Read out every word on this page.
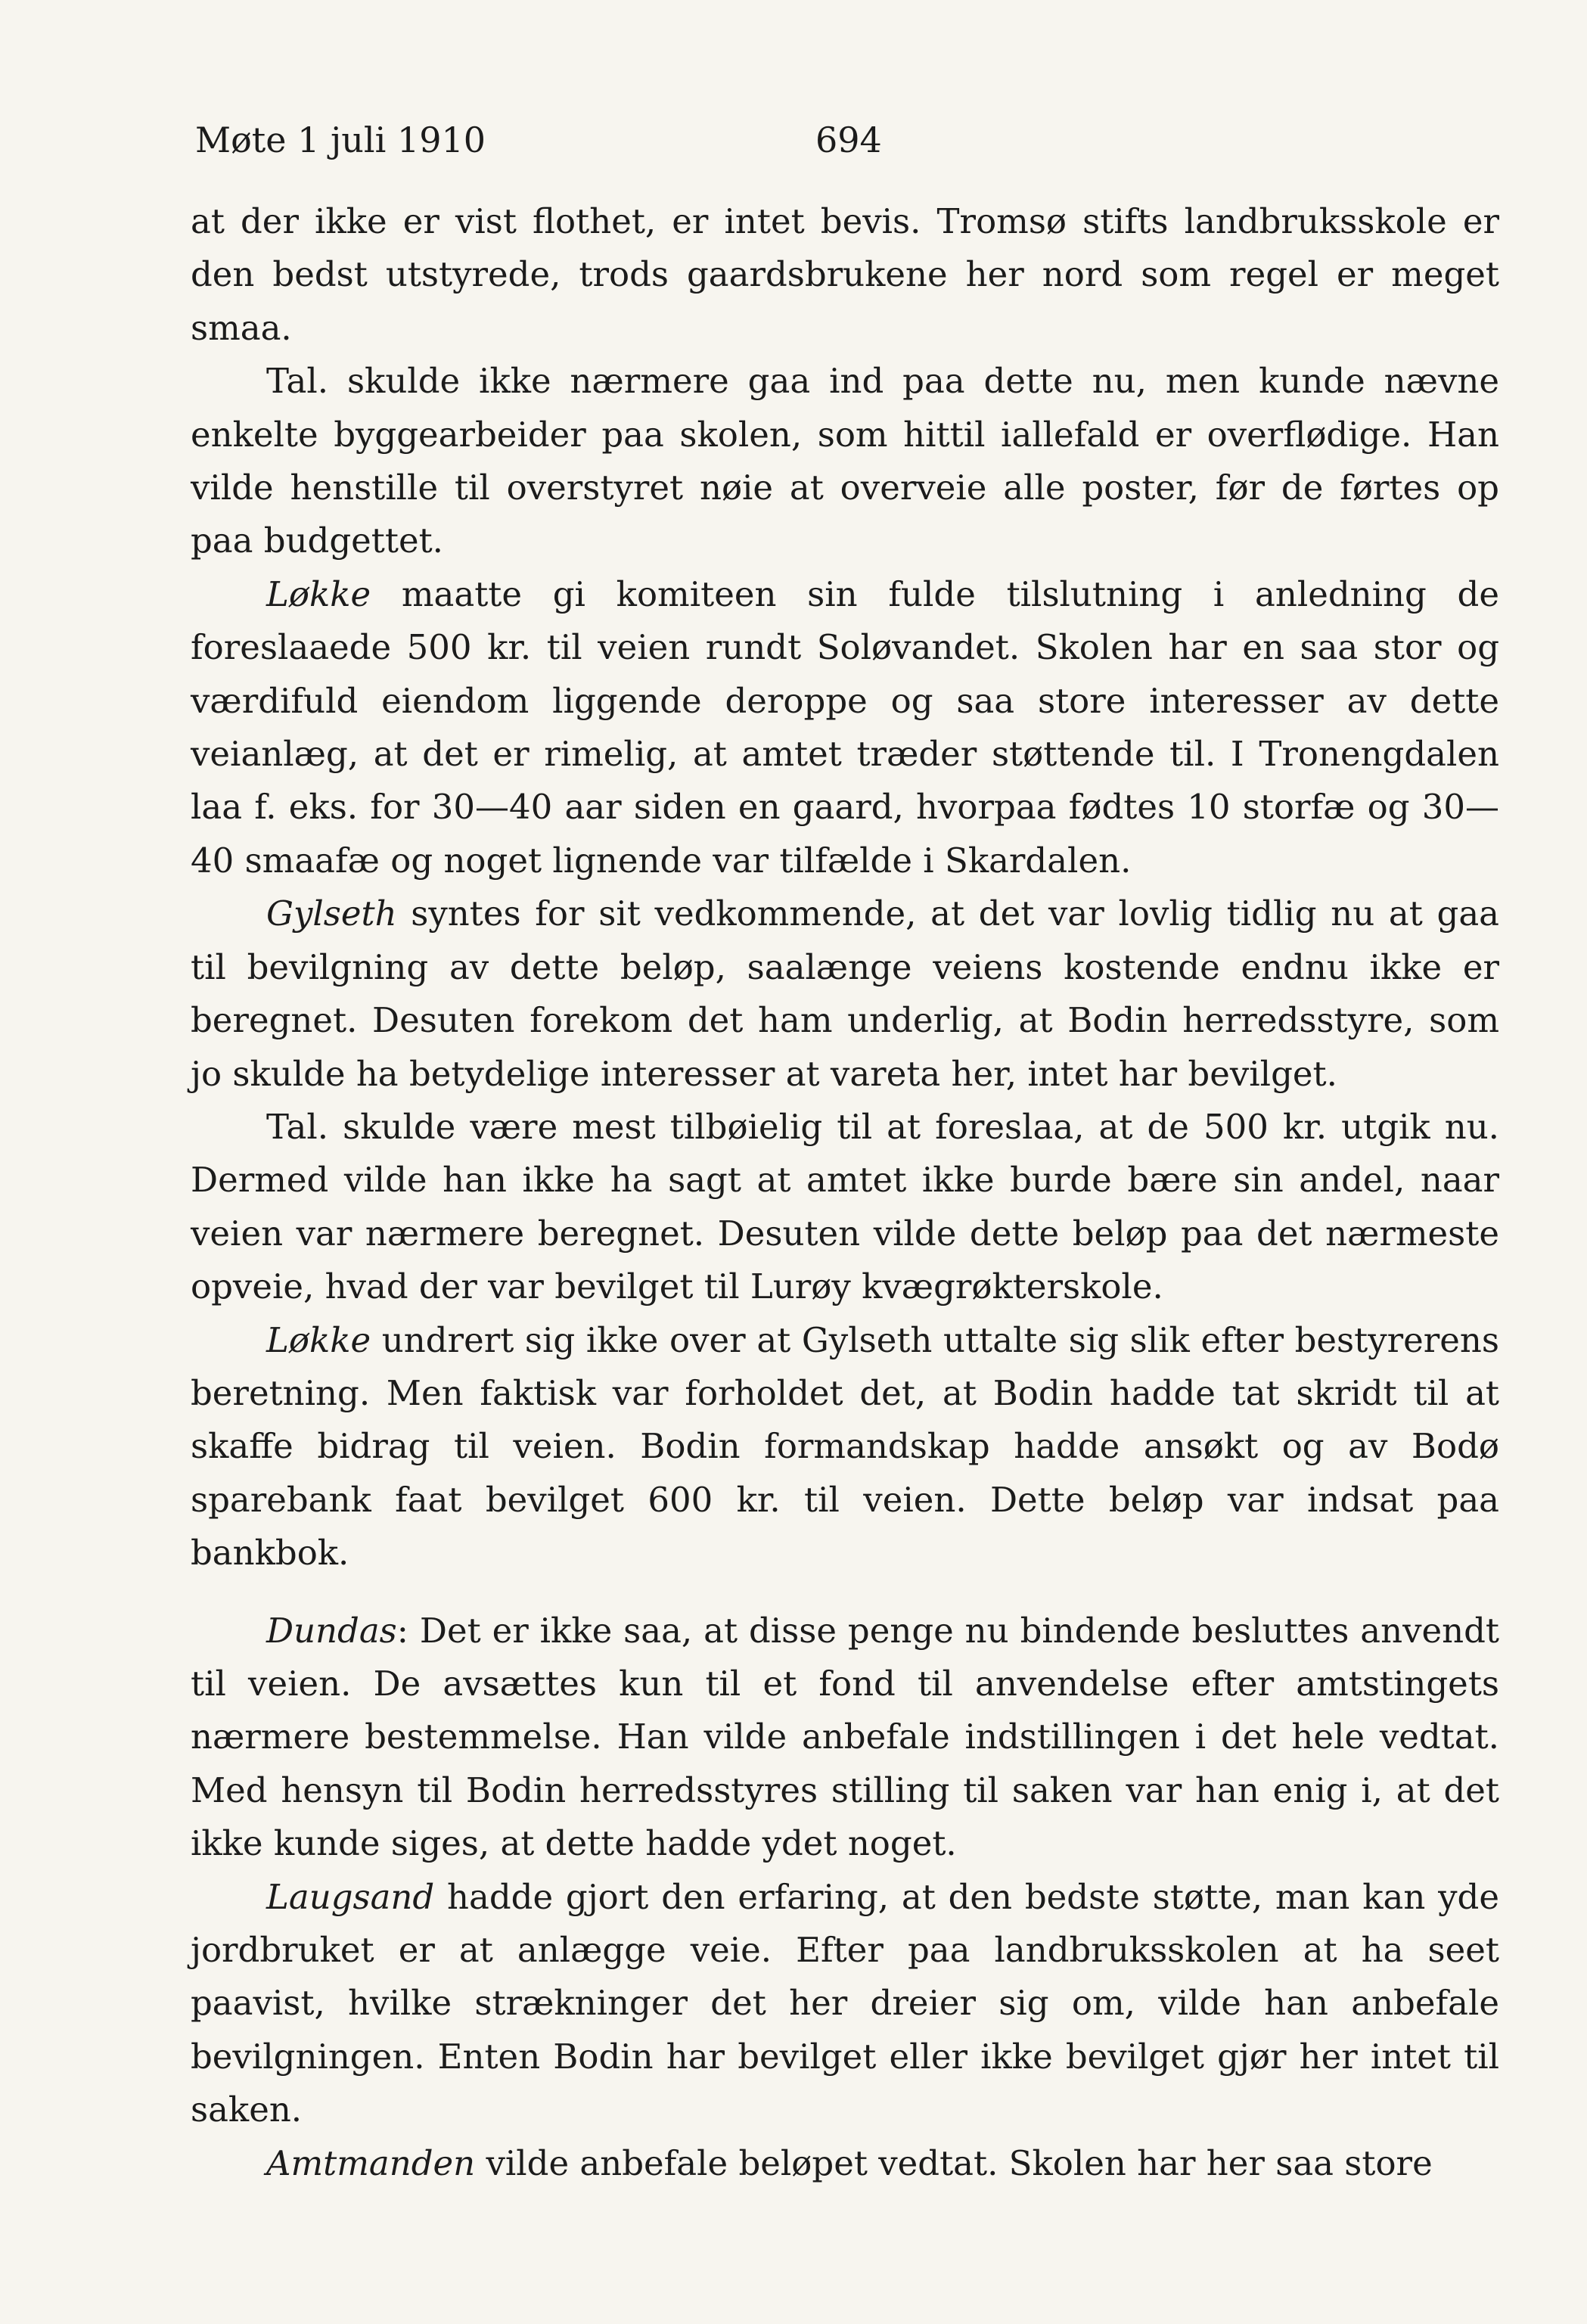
Møte 1 juli 1910	694

at der ikke er vist flothet, er intet bevis. Tromsø stifts landbruksskole er den bedst utstyrede, trods gaardsbrukene her nord som regel er meget smaa.

Tal. skulde ikke nærmere gaa ind paa dette nu, men kunde nævne enkelte byggearbeider paa skolen, som hittil iallefald er overflødige. Han vilde henstille til overstyret nøie at overveie alle poster, før de førtes op paa budgettet.

Løkke maatte gi komiteen sin fulde tilslutning i anledning de foreslaaede 500 kr. til veien rundt Soløvandet. Skolen har en saa stor og værdifuld eiendom liggende deroppe og saa store interesser av dette veianlæg, at det er rimelig, at amtet træder støttende til. I Tronengdalen laa f. eks. for 30—40 aar siden en gaard, hvorpaa fødtes 10 storfæ og 30—40 smaafæ og noget lignende var tilfælde i Skardalen.

Gylseth syntes for sit vedkommende, at det var lovlig tidlig nu at gaa til bevilgning av dette beløp, saalænge veiens kostende endnu ikke er beregnet. Desuten forekom det ham underlig, at Bodin herredsstyre, som jo skulde ha betydelige interesser at vareta her, intet har bevilget.

Tal. skulde være mest tilbøielig til at foreslaa, at de 500 kr. utgik nu. Dermed vilde han ikke ha sagt at amtet ikke burde bære sin andel, naar veien var nærmere beregnet. Desuten vilde dette beløp paa det nærmeste opveie, hvad der var bevilget til Lurøy kvægrøkterskole.

Løkke undrert sig ikke over at Gylseth uttalte sig slik efter bestyrerens beretning. Men faktisk var forholdet det, at Bodin hadde tat skridt til at skaffe bidrag til veien. Bodin formandskap hadde ansøkt og av Bodø sparebank faat bevilget 600 kr. til veien. Dette beløp var indsat paa bankbok.

Dundas: Det er ikke saa, at disse penge nu bindende besluttes anvendt til veien. De avsættes kun til et fond til anvendelse efter amtstingets nærmere bestemmelse. Han vilde anbefale indstillingen i det hele vedtat. Med hensyn til Bodin herredsstyres stilling til saken var han enig i, at det ikke kunde siges, at dette hadde ydet noget.

Laugsand hadde gjort den erfaring, at den bedste støtte, man kan yde jordbruket er at anlægge veie. Efter paa landbruksskolen at ha seet paavist, hvilke strækninger det her dreier sig om, vilde han anbefale bevilgningen. Enten Bodin har bevilget eller ikke bevilget gjør her intet til saken.

Amtmanden vilde anbefale beløpet vedtat. Skolen har her saa store
